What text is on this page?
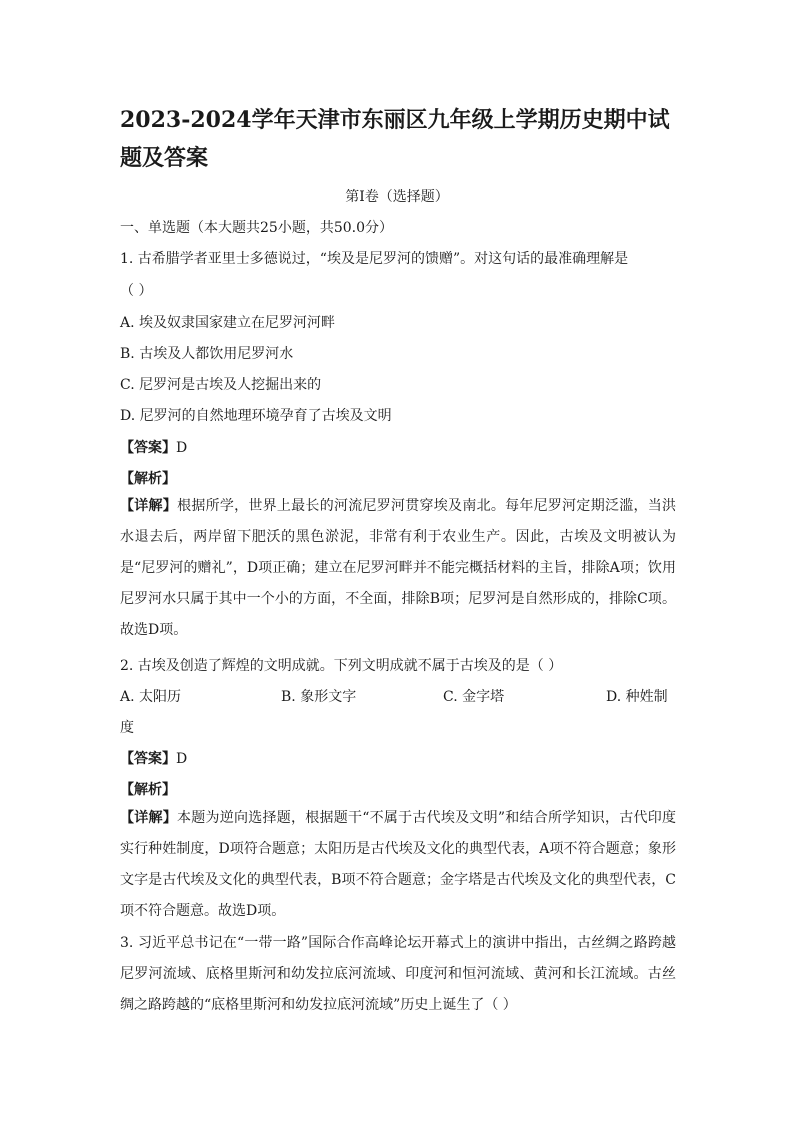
2023-2024学年天津市东丽区九年级上学期历史期中试题及答案
第I卷（选择题）
一、单选题（本大题共25小题，共50.0分）
1. 古希腊学者亚里士多德说过，“埃及是尼罗河的馈赠”。对这句话的最准确理解是
（ ）
A. 埃及奴隶国家建立在尼罗河河畔
B. 古埃及人都饮用尼罗河水
C. 尼罗河是古埃及人挖掘出来的
D. 尼罗河的自然地理环境孕育了古埃及文明
【答案】D
【解析】
【详解】根据所学，世界上最长的河流尼罗河贯穿埃及南北。每年尼罗河定期泛滥，当洪水退去后，两岸留下肥沃的黑色淤泥，非常有利于农业生产。因此，古埃及文明被认为是“尼罗河的赠礼”，D项正确；建立在尼罗河畔并不能完概括材料的主旨，排除A项；饮用尼罗河水只属于其中一个小的方面，不全面，排除B项；尼罗河是自然形成的，排除C项。故选D项。
2. 古埃及创造了辉煌的文明成就。下列文明成就不属于古埃及的是（ ）
A. 太阳历	B. 象形文字	C. 金字塔	D. 种姓制
度
【答案】D
【解析】
【详解】本题为逆向选择题，根据题干“不属于古代埃及文明”和结合所学知识，古代印度实行种姓制度，D项符合题意；太阳历是古代埃及文化的典型代表，A项不符合题意；象形文字是古代埃及文化的典型代表，B项不符合题意；金字塔是古代埃及文化的典型代表，C项不符合题意。故选D项。
3. 习近平总书记在“一带一路”国际合作高峰论坛开幕式上的演讲中指出，古丝绸之路跨越尼罗河流域、底格里斯河和幼发拉底河流域、印度河和恒河流域、黄河和长江流域。古丝绸之路跨越的“底格里斯河和幼发拉底河流域”历史上诞生了（ ）
